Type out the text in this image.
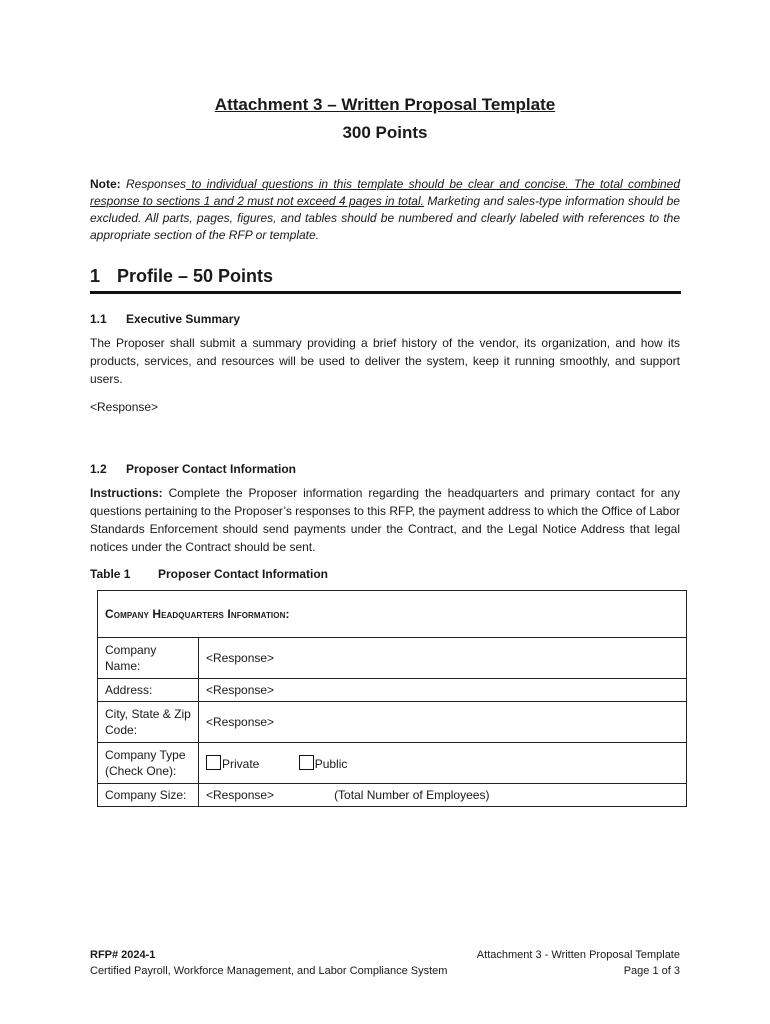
Attachment 3 – Written Proposal Template
300 Points
Note: Responses to individual questions in this template should be clear and concise. The total combined response to sections 1 and 2 must not exceed 4 pages in total. Marketing and sales-type information should be excluded. All parts, pages, figures, and tables should be numbered and clearly labeled with references to the appropriate section of the RFP or template.
1 Profile – 50 Points
1.1 Executive Summary
The Proposer shall submit a summary providing a brief history of the vendor, its organization, and how its products, services, and resources will be used to deliver the system, keep it running smoothly, and support users.
<Response>
1.2 Proposer Contact Information
Instructions: Complete the Proposer information regarding the headquarters and primary contact for any questions pertaining to the Proposer’s responses to this RFP, the payment address to which the Office of Labor Standards Enforcement should send payments under the Contract, and the Legal Notice Address that legal notices under the Contract should be sent.
Table 1 Proposer Contact Information
Company Headquarters Information:	
Company Name:	<Response>
Address:	<Response>
City, State & Zip Code:	<Response>
Company Type (Check One):	Private Public
Company Size:	<Response> (Total Number of Employees)
RFP# 2024-1
Certified Payroll, Workforce Management, and Labor Compliance System
Attachment 3 - Written Proposal Template
Page 1 of 3
